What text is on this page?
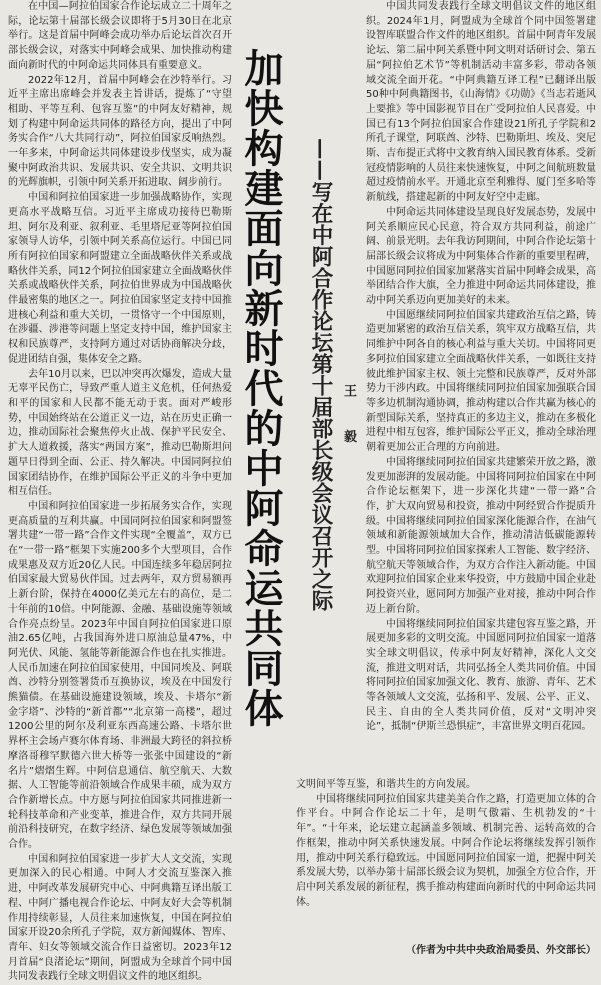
在中国—阿拉伯国家合作论坛成立二十周年之际，论坛第十届部长级会议即将于5月30日在北京举行。这是首届中阿峰会成功举办后论坛首次召开部长级会议，对落实中阿峰会成果、加快推动构建面向新时代的中阿命运共同体具有重要意义。

2022年12月，首届中阿峰会在沙特举行。习近平主席出席峰会并发表主旨讲话，提炼了“守望相助、平等互利、包容互鉴”的中阿友好精神，规划了构建中阿命运共同体的路径方向，提出了中阿务实合作“八大共同行动”，阿拉伯国家反响热烈。一年多来，中阿命运共同体建设步伐坚实，成为凝聚中阿政治共识、发展共识、安全共识、文明共识的光辉旗帜，引领中阿关系开拓进取、阔步前行。

中国和阿拉伯国家进一步加强战略协作，实现更高水平战略互信。习近平主席成功接待巴勒斯坦、阿尔及利亚、叙利亚、毛里塔尼亚等阿拉伯国家领导人访华，引领中阿关系高位运行。中国已同所有阿拉伯国家和阿盟建立全面战略伙伴关系或战略伙伴关系，同12个阿拉伯国家建立全面战略伙伴关系或战略伙伴关系，阿拉伯世界成为中国战略伙伴最密集的地区之一。阿拉伯国家坚定支持中国推进核心利益和重大关切，一贯恪守一个中国原则，在涉疆、涉港等问题上坚定支持中国，维护国家主权和民族尊严，支持阿方通过对话协商解决分歧，促进团结自强，集体安全之路。

去年10月以来，巴以冲突再次爆发，造成大量无辜平民伤亡，导致严重人道主义危机，任何热爱和平的国家和人民都不能无动于衷。面对严峻形势，中国始终站在公道正义一边，站在历史正确一边，推动国际社会聚焦停火止战、保护平民安全、扩大人道救援，落实“两国方案”，推动巴勒斯坦问题早日得到全面、公正、持久解决。中国同阿拉伯国家团结协作，在维护国际公平正义的斗争中更加相互信任。

中国和阿拉伯国家进一步拓展务实合作，实现更高质量的互利共赢。中国同阿拉伯国家和阿盟签署共建“一带一路”合作文件实现“全覆盖”，双方已在“一带一路”框架下实施200多个大型项目，合作成果惠及双方近20亿人民。中国连续多年稳居阿拉伯国家最大贸易伙伴国。过去两年，双方贸易额再上新台阶，保持在4000亿美元左右的高位，是二十年前的10倍。中阿能源、金融、基础设施等领域合作亮点纷呈。2023年中国自阿拉伯国家进口原油2.65亿吨，占我国海外进口原油总量47%，中阿光伏、风能、氢能等新能源合作也在扎实推进。人民币加速在阿拉伯国家使用，中国同埃及、阿联酋、沙特分别签署货币互换协议，埃及在中国发行熊猫债。在基础设施建设领域，埃及、卡塔尔“新金字塔”、沙特的“新首都”“北京第一高楼”，超过1200公里的阿尔及利亚东西高速公路、卡塔尔世界杯主会场卢赛尔体育场、非洲最大跨径的斜拉桥摩洛哥穆罕默德六世大桥等一张张中国建设的“新名片”熠熠生辉。中阿信息通信、航空航天、大数据、人工智能等前沿领域合作成果丰硕，成为双方合作新增长点。中方愿与阿拉伯国家共同推进新一轮科技革命和产业变革，推进合作，双方共同开展前沿科技研究，在数字经济、绿色发展等领域加强合作。

中国和阿拉伯国家进一步扩大人文交流，实现更加深入的民心相通。中阿人才交流互鉴深入推进，中阿改革发展研究中心、中阿典籍互译出版工程、中阿广播电视合作论坛、中阿友好大会等机制作用持续彰显，人员往来加速恢复，中国在阿拉伯国家开设20余所孔子学院，双方新闻媒体、智库、青年、妇女等领域交流合作日益密切。2023年12月首届“良渚论坛”期间，阿盟成为全球首个同中国共同发表践行全球文明倡议文件的地区组织。

加快构建面向新时代的中阿命运共同体 ——写在中阿合作论坛第十届部长级会议召开之际 王 毅

中国共同发表践行全球文明倡议文件的地区组织。2024年1月，阿盟成为全球首个同中国签署建设智库联盟合作文件的地区组织。首届中阿青年发展论坛、第二届中阿关系暨中阿文明对话研讨会、第五届“阿拉伯艺术节”等机制活动丰富多彩，带动各领域交流全面开花。“中阿典籍互译工程”已翻译出版50种中阿典籍图书，《山海情》《功勋》《当志若逝风上要推》等中国影视节目在广受阿拉伯人民喜爱。中国已有13个阿拉伯国家合作建设21所孔子学院和2所孔子课堂，阿联酋、沙特、巴勒斯坦、埃及、突尼斯、吉布提正式将中文教育纳入国民教育体系。受新冠疫情影响的人员往来快速恢复，中阿之间航班数量超过疫情前水平。开通北京至利雅得、厦门至多哈等新航线，搭建起新的中阿友好空中走廊。

中阿命运共同体建设呈现良好发展态势，发展中阿关系顺应民心民意，符合双方共同利益，前途广阔、前景光明。去年我访阿期间，中阿合作论坛第十届部长级会议将成为中阿集体合作新的重要里程碑，中国愿同阿拉伯国家加紧落实首届中阿峰会成果，高举团结合作大旗，全力推进中阿命运共同体建设，推动中阿关系迈向更加美好的未来。

中国愿继续同阿拉伯国家共建政治互信之路，铸造更加紧密的政治互信关系，筑牢双方战略互信，共同维护中阿各自的核心利益与重大关切。中国将同更多阿拉伯国家建立全面战略伙伴关系，一如既往支持彼此维护国家主权、领土完整和民族尊严，反对外部势力干涉内政。中国将继续同阿拉伯国家加强联合国等多边机制沟通协调，推动构建以合作共赢为核心的新型国际关系，坚持真正的多边主义，推动在多极化进程中相互包容，维护国际公平正义，推动全球治理朝着更加公正合理的方向前进。

中国将继续同阿拉伯国家共建繁荣开放之路，激发更加澎湃的发展动能。中国将同阿拉伯国家在中阿合作论坛框架下，进一步深化共建“一带一路”合作，扩大双向贸易和投资，推动中阿经贸合作提质升级。中国将继续同阿拉伯国家深化能源合作，在油气领域和新能源领域加大合作，推动清洁低碳能源转型。中国将同阿拉伯国家探索人工智能、数字经济、航空航天等领域合作，为双方合作注入新动能。中国欢迎阿拉伯国家企业来华投资，中方鼓励中国企业赴阿投资兴业，愿同阿方加强产业对接，推动中阿合作迈上新台阶。

中国将继续同阿拉伯国家共建包容互鉴之路，开展更加多彩的文明交流。中国愿同阿拉伯国家一道落实全球文明倡议，传承中阿友好精神，深化人文交流，推进文明对话，共同弘扬全人类共同价值。中国将同阿拉伯国家加强文化、教育、旅游、青年、艺术等各领域人文交流，弘扬和平、发展、公平、正义、民主、自由的全人类共同价值，反对“文明冲突论”，抵制“伊斯兰恐惧症”，丰富世界文明百花园。

文明间平等互鉴，和谐共生的方向发展。

中国将继续同阿拉伯国家共建美美合作之路，打造更加立体的合作平台。中阿合作论坛二十年，是明气傲霜、生机勃发的“十年”。“十年来，论坛建立起涵盖多领域、机制完善、运转高效的合作框架，推动中阿关系快速发展。中阿合作论坛将继续发挥引领作用，推动中阿关系行稳致远。中国愿同阿拉伯国家一道，把握中阿关系发展大势，以举办第十届部长级会议为契机，加强全方位合作，开启中阿关系发展的新征程，携手推动构建面向新时代的中阿命运共同体。

（作者为中共中央政治局委员、外交部长）
